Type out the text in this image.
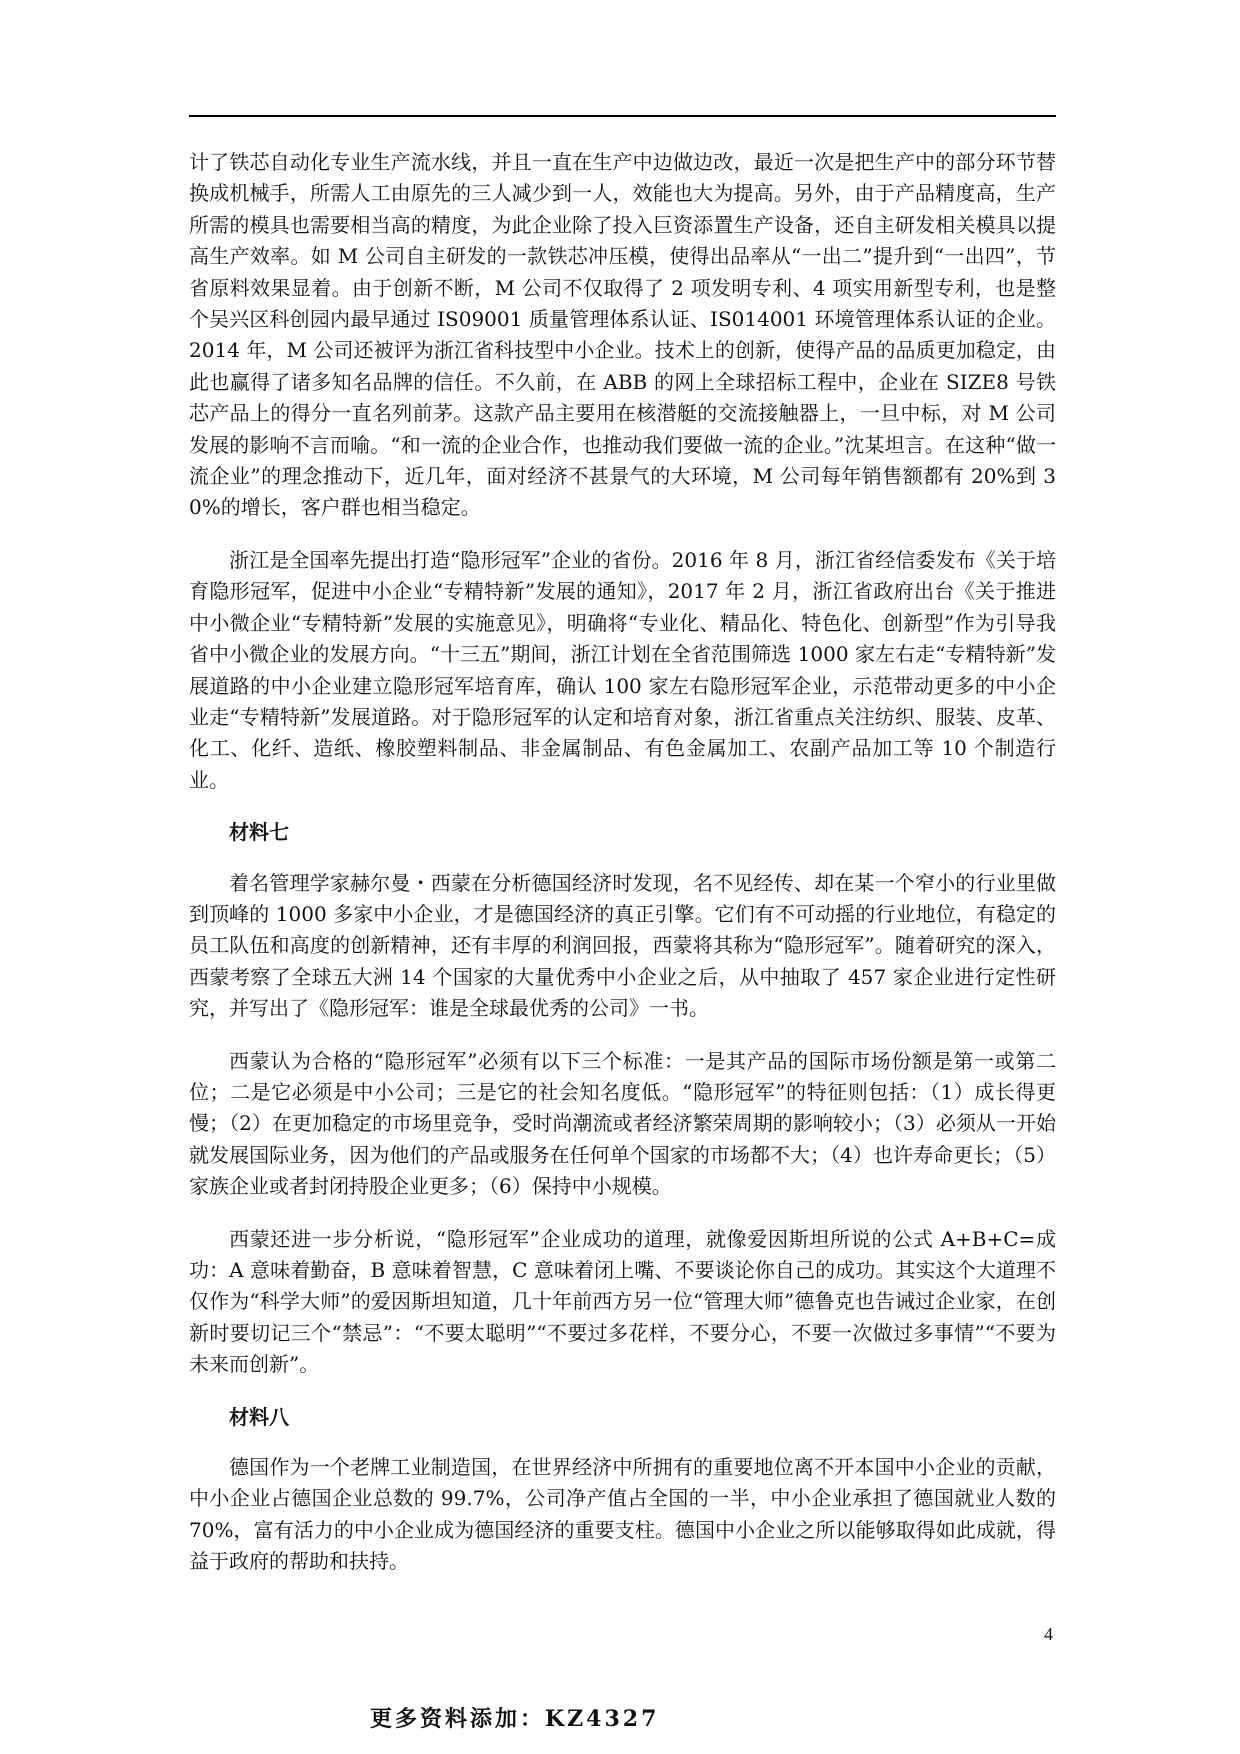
计了铁芯自动化专业生产流水线，并且一直在生产中边做边改，最近一次是把生产中的部分环节替换成机械手，所需人工由原先的三人减少到一人，效能也大为提高。另外，由于产品精度高，生产所需的模具也需要相当高的精度，为此企业除了投入巨资添置生产设备，还自主研发相关模具以提高生产效率。如 M 公司自主研发的一款铁芯冲压模，使得出品率从“一出二”提升到“一出四”，节省原料效果显着。由于创新不断，M 公司不仅取得了 2 项发明专利、4 项实用新型专利，也是整个吴兴区科创园内最早通过 IS09001 质量管理体系认证、IS014001 环境管理体系认证的企业。2014 年，M 公司还被评为浙江省科技型中小企业。技术上的创新，使得产品的品质更加稳定，由此也赢得了诸多知名品牌的信任。不久前，在 ABB 的网上全球招标工程中，企业在 SIZE8 号铁芯产品上的得分一直名列前茅。这款产品主要用在核潜艇的交流接触器上，一旦中标，对 M 公司发展的影响不言而喻。“和一流的企业合作，也推动我们要做一流的企业。”沈某坦言。在这种“做一流企业”的理念推动下，近几年，面对经济不甚景气的大环境，M 公司每年销售额都有 20%到 30%的增长，客户群也相当稳定。

浙江是全国率先提出打造“隐形冠军”企业的省份。2016 年 8 月，浙江省经信委发布《关于培育隐形冠军，促进中小企业“专精特新”发展的通知》，2017 年 2 月，浙江省政府出台《关于推进中小微企业“专精特新”发展的实施意见》，明确将“专业化、精品化、特色化、创新型”作为引导我省中小微企业的发展方向。“十三五”期间，浙江计划在全省范围筛选 1000 家左右走“专精特新”发展道路的中小企业建立隐形冠军培育库，确认 100 家左右隐形冠军企业，示范带动更多的中小企业走“专精特新”发展道路。对于隐形冠军的认定和培育对象，浙江省重点关注纺织、服装、皮革、化工、化纤、造纸、橡胶塑料制品、非金属制品、有色金属加工、农副产品加工等 10 个制造行业。

材料七

着名管理学家赫尔曼・西蒙在分析德国经济时发现，名不见经传、却在某一个窄小的行业里做到顶峰的 1000 多家中小企业，才是德国经济的真正引擎。它们有不可动摇的行业地位，有稳定的员工队伍和高度的创新精神，还有丰厚的利润回报，西蒙将其称为“隐形冠军”。随着研究的深入，西蒙考察了全球五大洲 14 个国家的大量优秀中小企业之后，从中抽取了 457 家企业进行定性研究，并写出了《隐形冠军：谁是全球最优秀的公司》一书。

西蒙认为合格的“隐形冠军”必须有以下三个标准：一是其产品的国际市场份额是第一或第二位；二是它必须是中小公司；三是它的社会知名度低。“隐形冠军”的特征则包括：（1）成长得更慢；（2）在更加稳定的市场里竞争，受时尚潮流或者经济繁荣周期的影响较小；（3）必须从一开始就发展国际业务，因为他们的产品或服务在任何单个国家的市场都不大；（4）也许寿命更长；（5）家族企业或者封闭持股企业更多；（6）保持中小规模。

西蒙还进一步分析说，“隐形冠军”企业成功的道理，就像爱因斯坦所说的公式 A+B+C=成功：A 意味着勤奋，B 意味着智慧，C 意味着闭上嘴、不要谈论你自己的成功。其实这个大道理不仅作为“科学大师”的爱因斯坦知道，几十年前西方另一位“管理大师”德鲁克也告诫过企业家，在创新时要切记三个“禁忌”：“不要太聪明”“不要过多花样，不要分心，不要一次做过多事情”“不要为未来而创新”。

材料八

德国作为一个老牌工业制造国，在世界经济中所拥有的重要地位离不开本国中小企业的贡献，中小企业占德国企业总数的 99.7%，公司净产值占全国的一半，中小企业承担了德国就业人数的 70%，富有活力的中小企业成为德国经济的重要支柱。德国中小企业之所以能够取得如此成就，得益于政府的帮助和扶持。

4
更多资料添加：KZ4327
